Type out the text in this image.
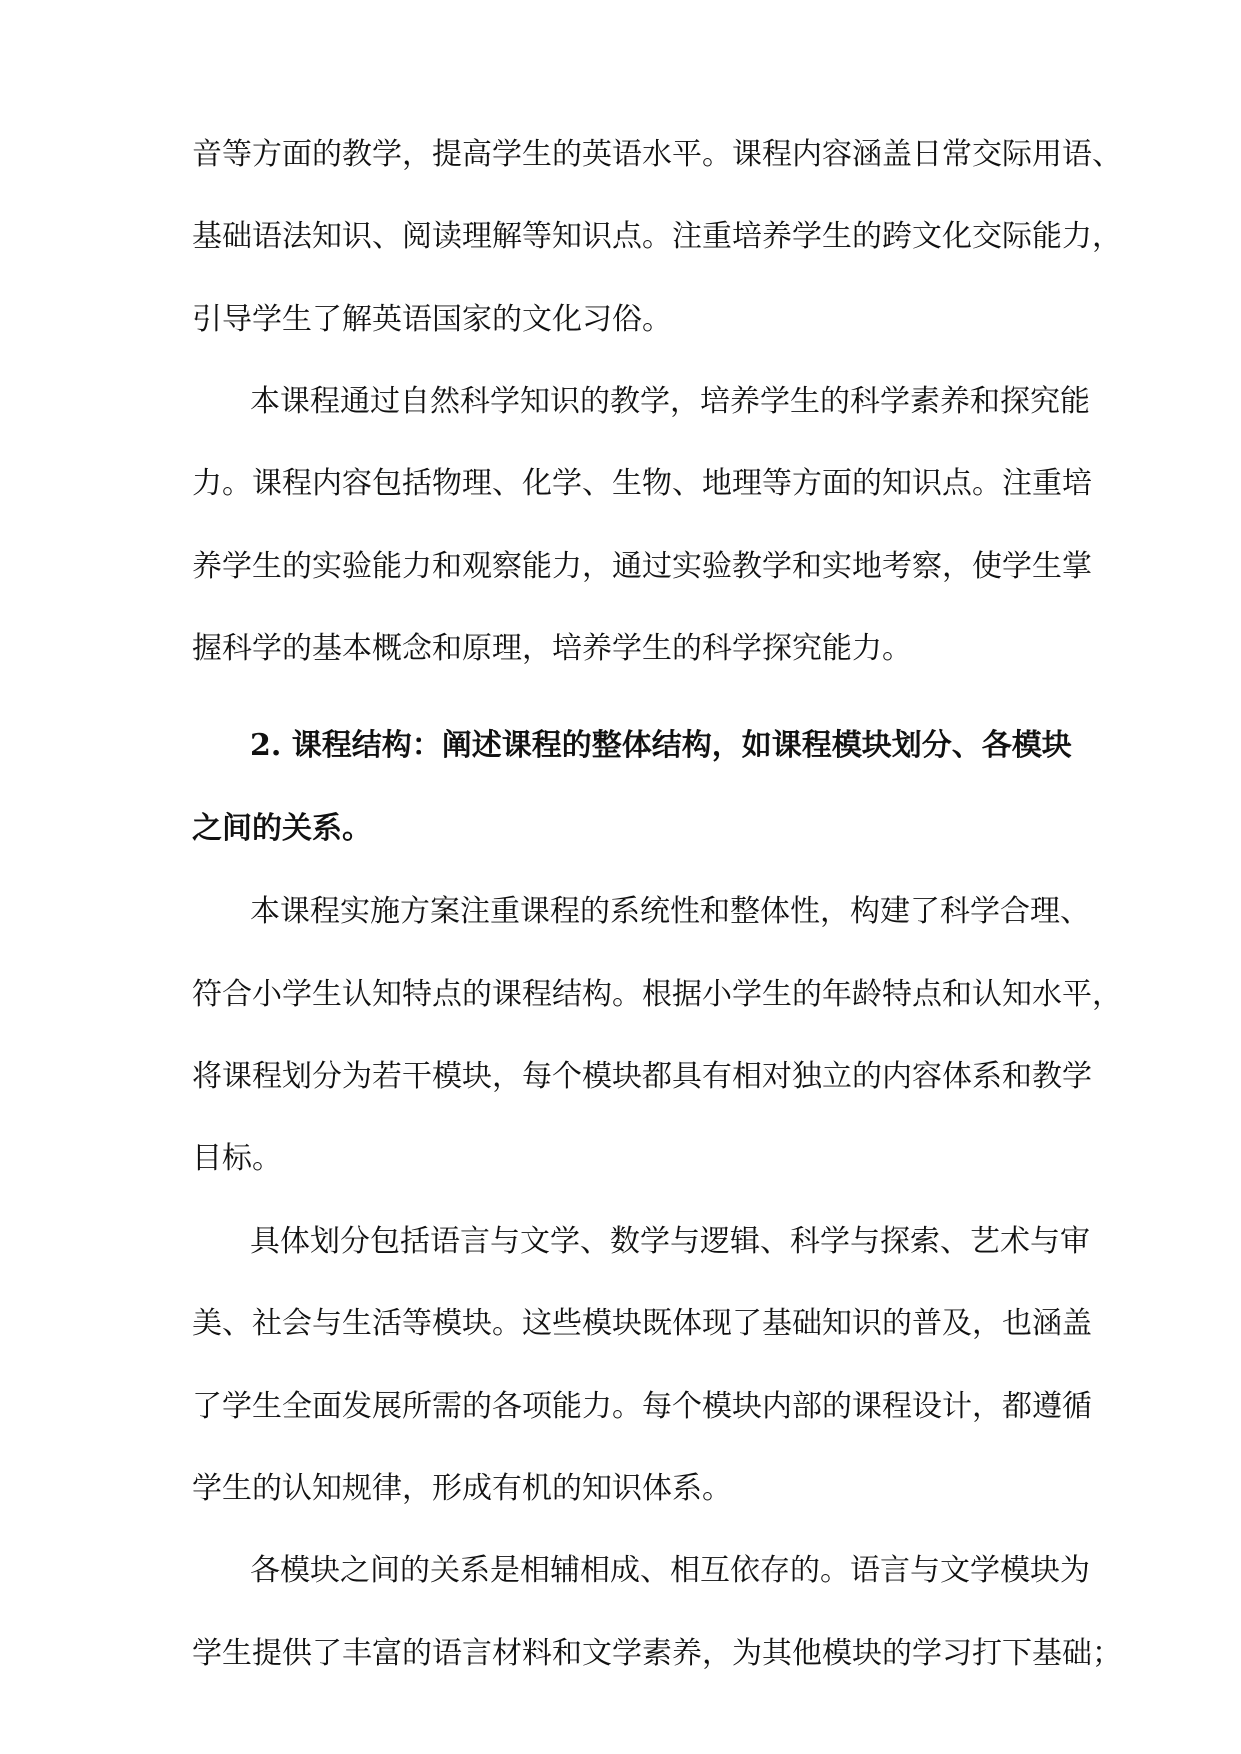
音等方面的教学，提高学生的英语水平。课程内容涵盖日常交际用语、
基础语法知识、阅读理解等知识点。注重培养学生的跨文化交际能力，
引导学生了解英语国家的文化习俗。
本课程通过自然科学知识的教学，培养学生的科学素养和探究能
力。课程内容包括物理、化学、生物、地理等方面的知识点。注重培
养学生的实验能力和观察能力，通过实验教学和实地考察，使学生掌
握科学的基本概念和原理，培养学生的科学探究能力。
2. 课程结构：阐述课程的整体结构，如课程模块划分、各模块
之间的关系。
本课程实施方案注重课程的系统性和整体性，构建了科学合理、
符合小学生认知特点的课程结构。根据小学生的年龄特点和认知水平，
将课程划分为若干模块，每个模块都具有相对独立的内容体系和教学
目标。
具体划分包括语言与文学、数学与逻辑、科学与探索、艺术与审
美、社会与生活等模块。这些模块既体现了基础知识的普及，也涵盖
了学生全面发展所需的各项能力。每个模块内部的课程设计，都遵循
学生的认知规律，形成有机的知识体系。
各模块之间的关系是相辅相成、相互依存的。语言与文学模块为
学生提供了丰富的语言材料和文学素养，为其他模块的学习打下基础；
